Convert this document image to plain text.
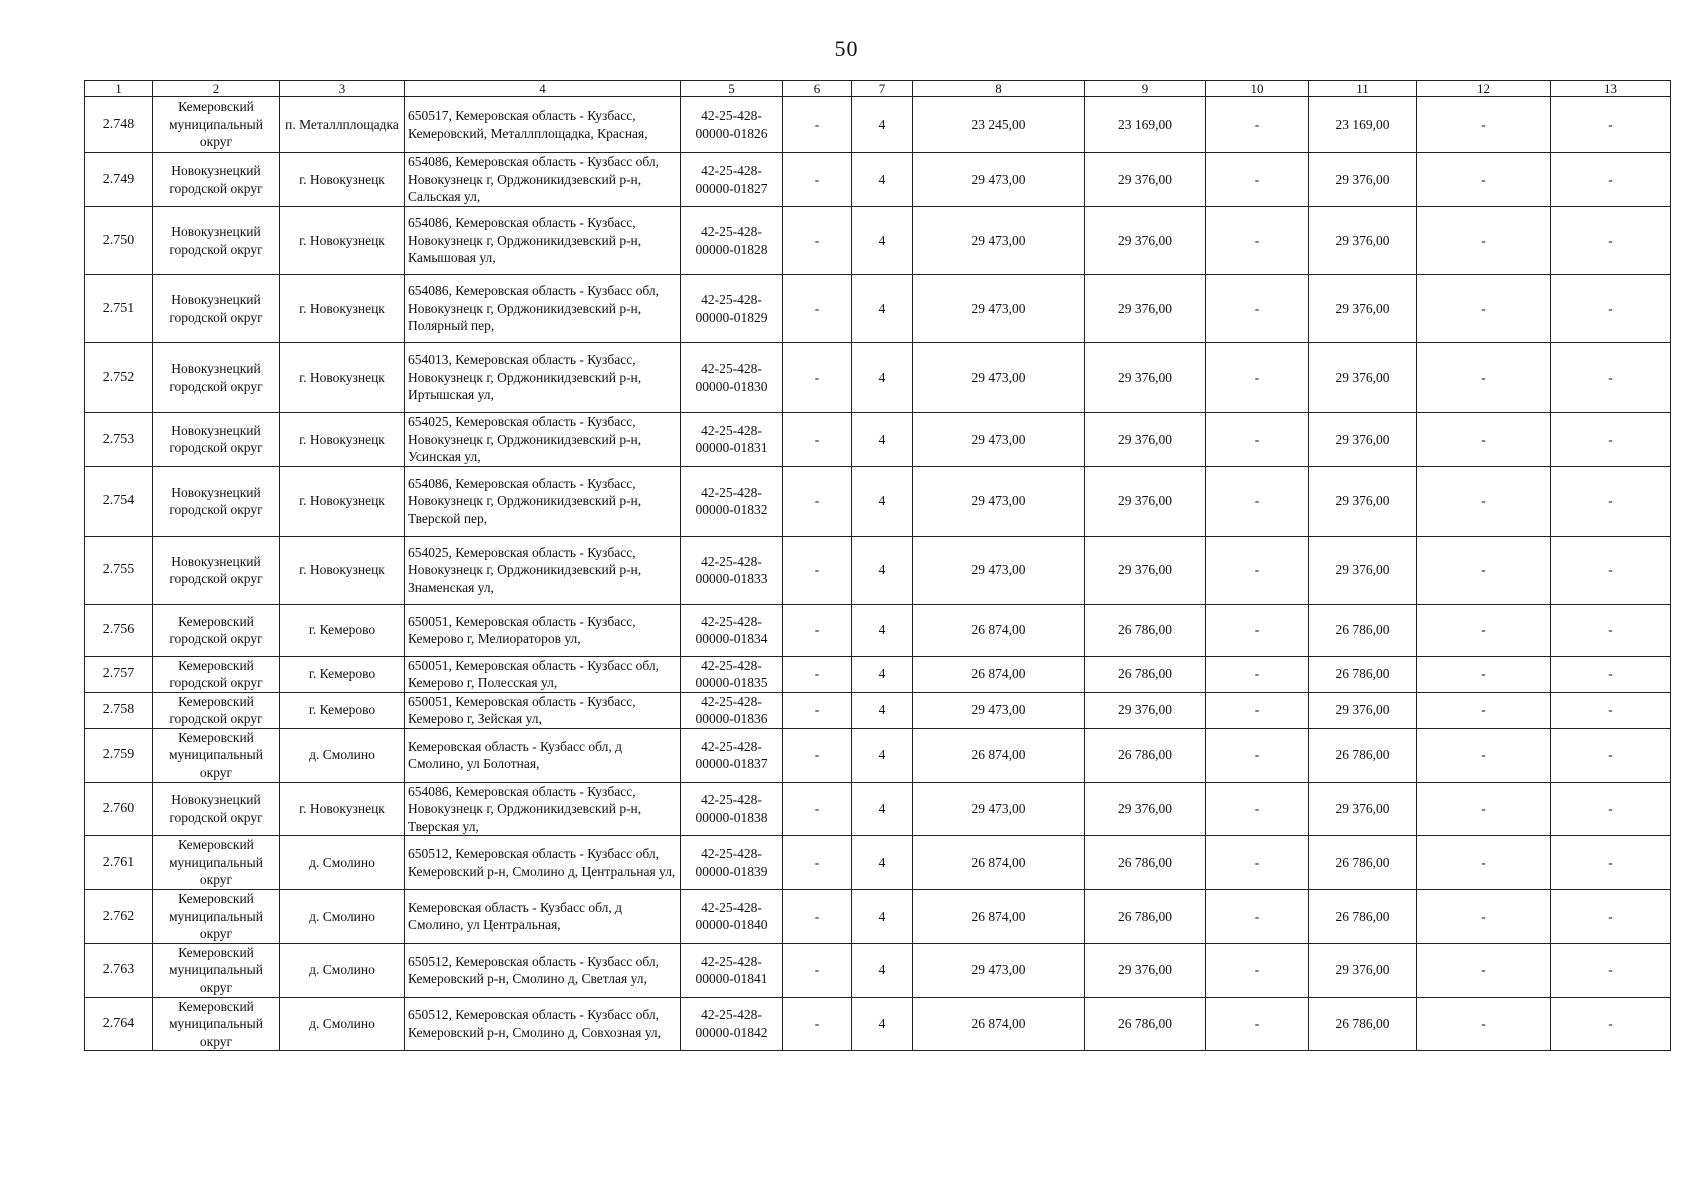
50
1	2	3	4	5	6	7	8	9	10	11	12	13
2.748	Кемеровский муниципальный округ	п. Металлплощадка	650517, Кемеровская область - Кузбасс, Кемеровский, Металлплощадка, Красная,	42-25-428-00000-01826	-	4	23 245,00	23 169,00	-	23 169,00	-	-
2.749	Новокузнецкий городской округ	г. Новокузнецк	654086, Кемеровская область - Кузбасс обл, Новокузнецк г, Орджоникидзевский р-н, Сальская ул,	42-25-428-00000-01827	-	4	29 473,00	29 376,00	-	29 376,00	-	-
2.750	Новокузнецкий городской округ	г. Новокузнецк	654086, Кемеровская область - Кузбасс, Новокузнецк г, Орджоникидзевский р-н, Камышовая ул,	42-25-428-00000-01828	-	4	29 473,00	29 376,00	-	29 376,00	-	-
2.751	Новокузнецкий городской округ	г. Новокузнецк	654086, Кемеровская область - Кузбасс обл, Новокузнецк г, Орджоникидзевский р-н, Полярный пер,	42-25-428-00000-01829	-	4	29 473,00	29 376,00	-	29 376,00	-	-
2.752	Новокузнецкий городской округ	г. Новокузнецк	654013, Кемеровская область - Кузбасс, Новокузнецк г, Орджоникидзевский р-н, Иртышская ул,	42-25-428-00000-01830	-	4	29 473,00	29 376,00	-	29 376,00	-	-
2.753	Новокузнецкий городской округ	г. Новокузнецк	654025, Кемеровская область - Кузбасс, Новокузнецк г, Орджоникидзевский р-н, Усинская ул,	42-25-428-00000-01831	-	4	29 473,00	29 376,00	-	29 376,00	-	-
2.754	Новокузнецкий городской округ	г. Новокузнецк	654086, Кемеровская область - Кузбасс, Новокузнецк г, Орджоникидзевский р-н, Тверской пер,	42-25-428-00000-01832	-	4	29 473,00	29 376,00	-	29 376,00	-	-
2.755	Новокузнецкий городской округ	г. Новокузнецк	654025, Кемеровская область - Кузбасс, Новокузнецк г, Орджоникидзевский р-н, Знаменская ул,	42-25-428-00000-01833	-	4	29 473,00	29 376,00	-	29 376,00	-	-
2.756	Кемеровский городской округ	г. Кемерово	650051, Кемеровская область - Кузбасс, Кемерово г, Мелиораторов ул,	42-25-428-00000-01834	-	4	26 874,00	26 786,00	-	26 786,00	-	-
2.757	Кемеровский городской округ	г. Кемерово	650051, Кемеровская область - Кузбасс обл, Кемерово г, Полесская ул,	42-25-428-00000-01835	-	4	26 874,00	26 786,00	-	26 786,00	-	-
2.758	Кемеровский городской округ	г. Кемерово	650051, Кемеровская область - Кузбасс, Кемерово г, Зейская ул,	42-25-428-00000-01836	-	4	29 473,00	29 376,00	-	29 376,00	-	-
2.759	Кемеровский муниципальный округ	д. Смолино	Кемеровская область - Кузбасс обл, д Смолино, ул Болотная,	42-25-428-00000-01837	-	4	26 874,00	26 786,00	-	26 786,00	-	-
2.760	Новокузнецкий городской округ	г. Новокузнецк	654086, Кемеровская область - Кузбасс, Новокузнецк г, Орджоникидзевский р-н, Тверская ул,	42-25-428-00000-01838	-	4	29 473,00	29 376,00	-	29 376,00	-	-
2.761	Кемеровский муниципальный округ	д. Смолино	650512, Кемеровская область - Кузбасс обл, Кемеровский р-н, Смолино д, Центральная ул,	42-25-428-00000-01839	-	4	26 874,00	26 786,00	-	26 786,00	-	-
2.762	Кемеровский муниципальный округ	д. Смолино	Кемеровская область - Кузбасс обл, д Смолино, ул Центральная,	42-25-428-00000-01840	-	4	26 874,00	26 786,00	-	26 786,00	-	-
2.763	Кемеровский муниципальный округ	д. Смолино	650512, Кемеровская область - Кузбасс обл, Кемеровский р-н, Смолино д, Светлая ул,	42-25-428-00000-01841	-	4	29 473,00	29 376,00	-	29 376,00	-	-
2.764	Кемеровский муниципальный округ	д. Смолино	650512, Кемеровская область - Кузбасс обл, Кемеровский р-н, Смолино д, Совхозная ул,	42-25-428-00000-01842	-	4	26 874,00	26 786,00	-	26 786,00	-	-
